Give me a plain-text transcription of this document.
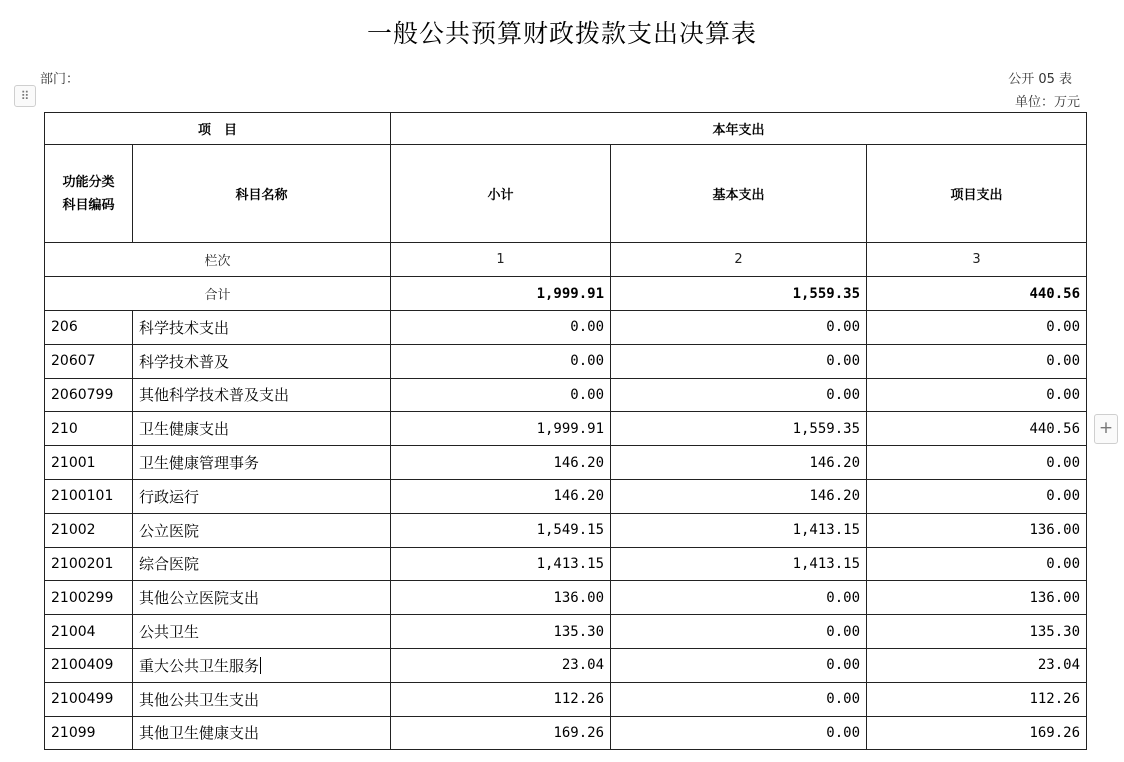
一般公共预算财政拨款支出决算表
部门：	公开 05 表
单位：万元
⠿
+
项　目		本年支出		
功能分类
科目编码	科目名称	小计	基本支出	项目支出
栏次		1	2	3
合计		1,999.91	1,559.35	440.56
206	科学技术支出	0.00	0.00	0.00
20607	科学技术普及	0.00	0.00	0.00
2060799	其他科学技术普及支出	0.00	0.00	0.00
210	卫生健康支出	1,999.91	1,559.35	440.56
21001	卫生健康管理事务	146.20	146.20	0.00
2100101	行政运行	146.20	146.20	0.00
21002	公立医院	1,549.15	1,413.15	136.00
2100201	综合医院	1,413.15	1,413.15	0.00
2100299	其他公立医院支出	136.00	0.00	136.00
21004	公共卫生	135.30	0.00	135.30
2100409	重大公共卫生服务	23.04	0.00	23.04
2100499	其他公共卫生支出	112.26	0.00	112.26
21099	其他卫生健康支出	169.26	0.00	169.26
